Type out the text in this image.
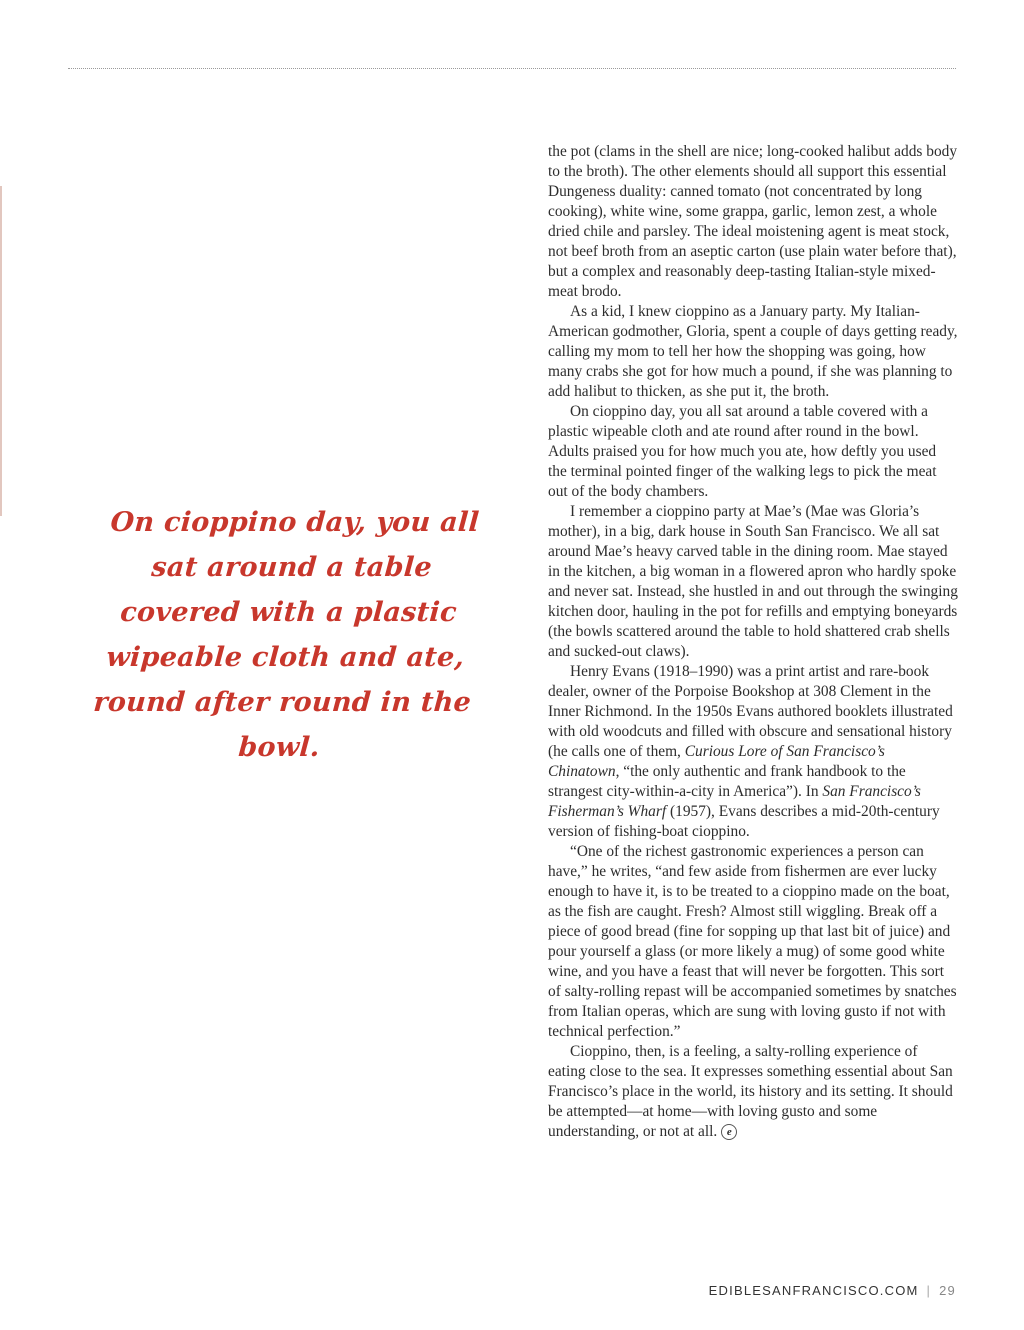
On cioppino day, you all sat around a table covered with a plastic wipeable cloth and ate, round after round in the bowl.

the pot (clams in the shell are nice; long-cooked halibut adds body to the broth). The other elements should all support this essential Dungeness duality: canned tomato (not concentrated by long cooking), white wine, some grappa, garlic, lemon zest, a whole dried chile and parsley. The ideal moistening agent is meat stock, not beef broth from an aseptic carton (use plain water before that), but a complex and reasonably deep-tasting Italian-style mixed-meat brodo.

As a kid, I knew cioppino as a January party. My Italian-American godmother, Gloria, spent a couple of days getting ready, calling my mom to tell her how the shopping was going, how many crabs she got for how much a pound, if she was planning to add halibut to thicken, as she put it, the broth.

On cioppino day, you all sat around a table covered with a plastic wipeable cloth and ate round after round in the bowl. Adults praised you for how much you ate, how deftly you used the terminal pointed finger of the walking legs to pick the meat out of the body chambers.

I remember a cioppino party at Mae’s (Mae was Gloria’s mother), in a big, dark house in South San Francisco. We all sat around Mae’s heavy carved table in the dining room. Mae stayed in the kitchen, a big woman in a flowered apron who hardly spoke and never sat. Instead, she hustled in and out through the swinging kitchen door, hauling in the pot for refills and emptying boneyards (the bowls scattered around the table to hold shattered crab shells and sucked-out claws).

Henry Evans (1918–1990) was a print artist and rare-book dealer, owner of the Porpoise Bookshop at 308 Clement in the Inner Richmond. In the 1950s Evans authored booklets illustrated with old woodcuts and filled with obscure and sensational history (he calls one of them, Curious Lore of San Francisco’s Chinatown, “the only authentic and frank handbook to the strangest city-within-a-city in America”). In San Francisco’s Fisherman’s Wharf (1957), Evans describes a mid-20th-century version of fishing-boat cioppino.

“One of the richest gastronomic experiences a person can have,” he writes, “and few aside from fishermen are ever lucky enough to have it, is to be treated to a cioppino made on the boat, as the fish are caught. Fresh? Almost still wiggling. Break off a piece of good bread (fine for sopping up that last bit of juice) and pour yourself a glass (or more likely a mug) of some good white wine, and you have a feast that will never be forgotten. This sort of salty-rolling repast will be accompanied sometimes by snatches from Italian operas, which are sung with loving gusto if not with technical perfection.”

Cioppino, then, is a feeling, a salty-rolling experience of eating close to the sea. It expresses something essential about San Francisco’s place in the world, its history and its setting. It should be attempted—at home—with loving gusto and some understanding, or not at all. e

EDIBLESANFRANCISCO.COM | 29
